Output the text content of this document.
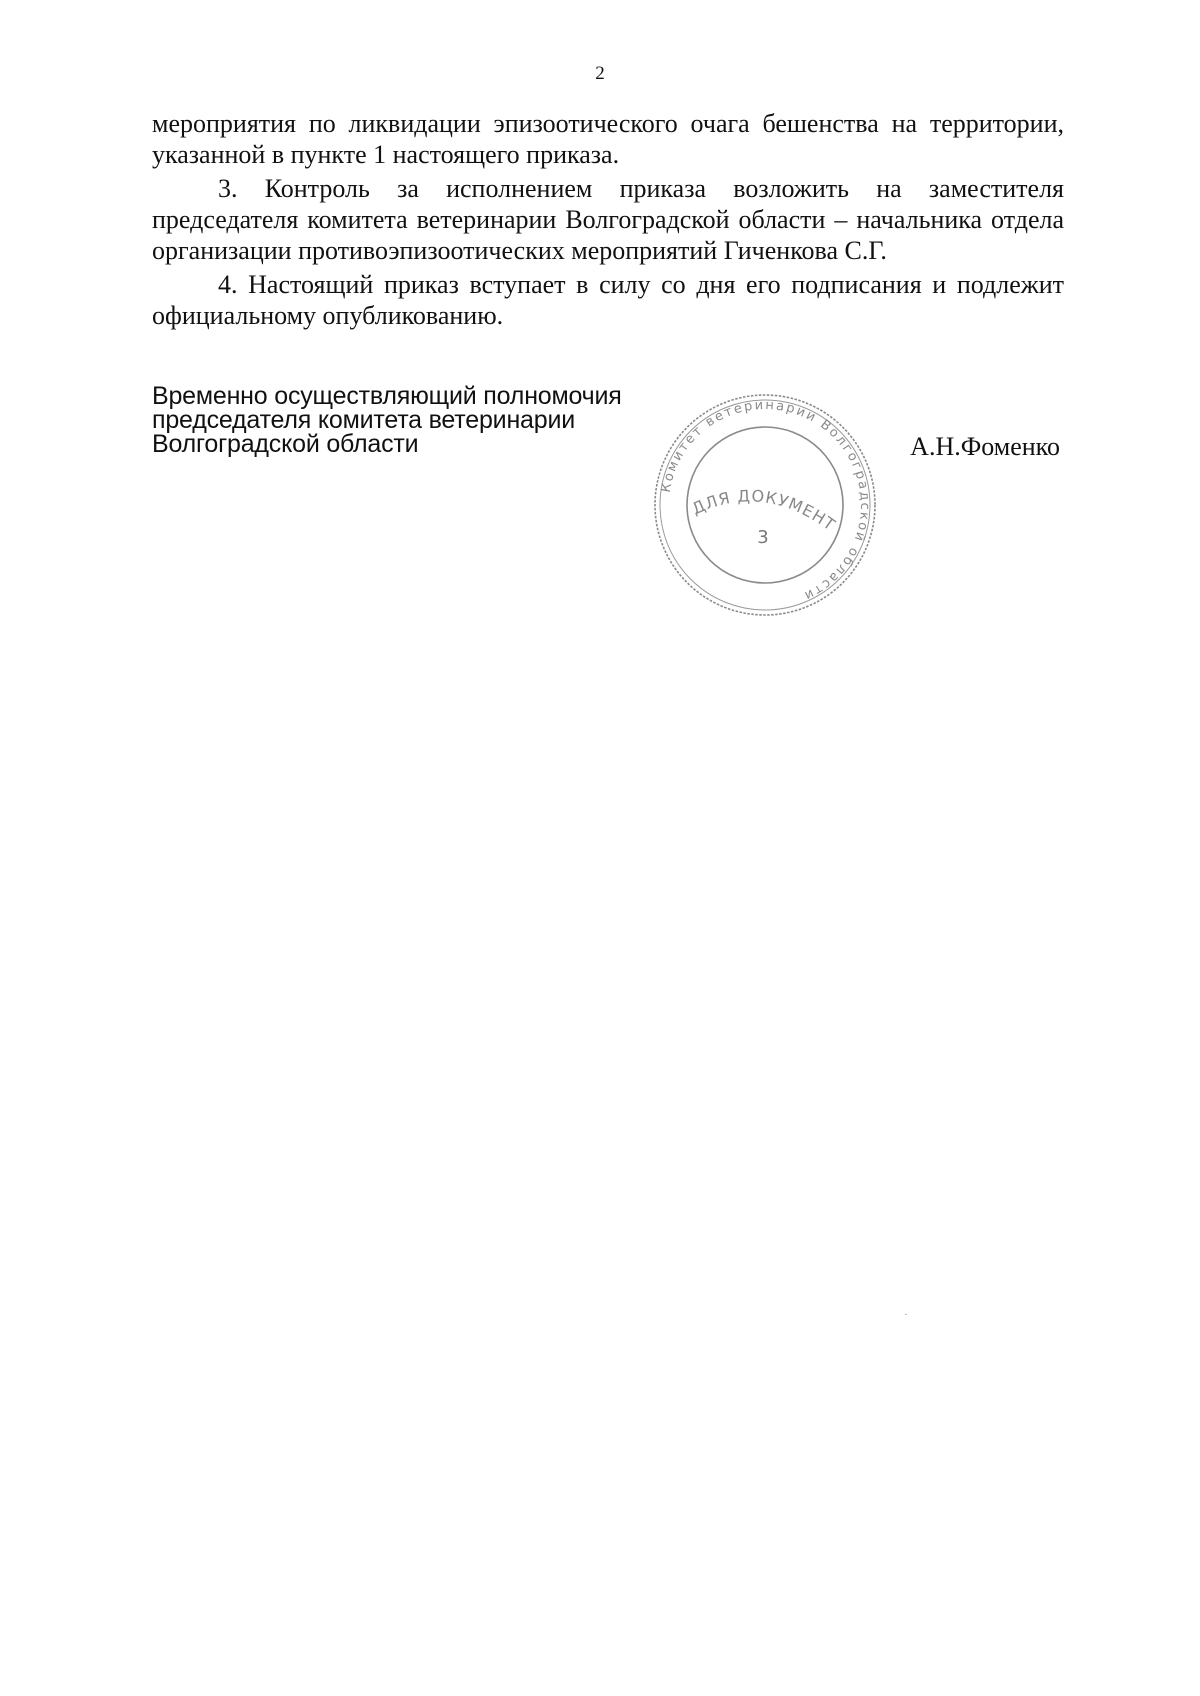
2

мероприятия по ликвидации эпизоотического очага бешенства на территории, указанной в пункте 1 настоящего приказа.

3. Контроль за исполнением приказа возложить на заместителя председателя комитета ветеринарии Волгоградской области – начальника отдела организации противоэпизоотических мероприятий Гиченкова С.Г.

4. Настоящий приказ вступает в силу со дня его подписания и подлежит официальному опубликованию.

Временно осуществляющий полномочия
председателя комитета ветеринарии
Волгоградской области
Комитет ветеринарии Волгоградской области
ДЛЯ ДОКУМЕНТ
3
А.Н.Фоменко
